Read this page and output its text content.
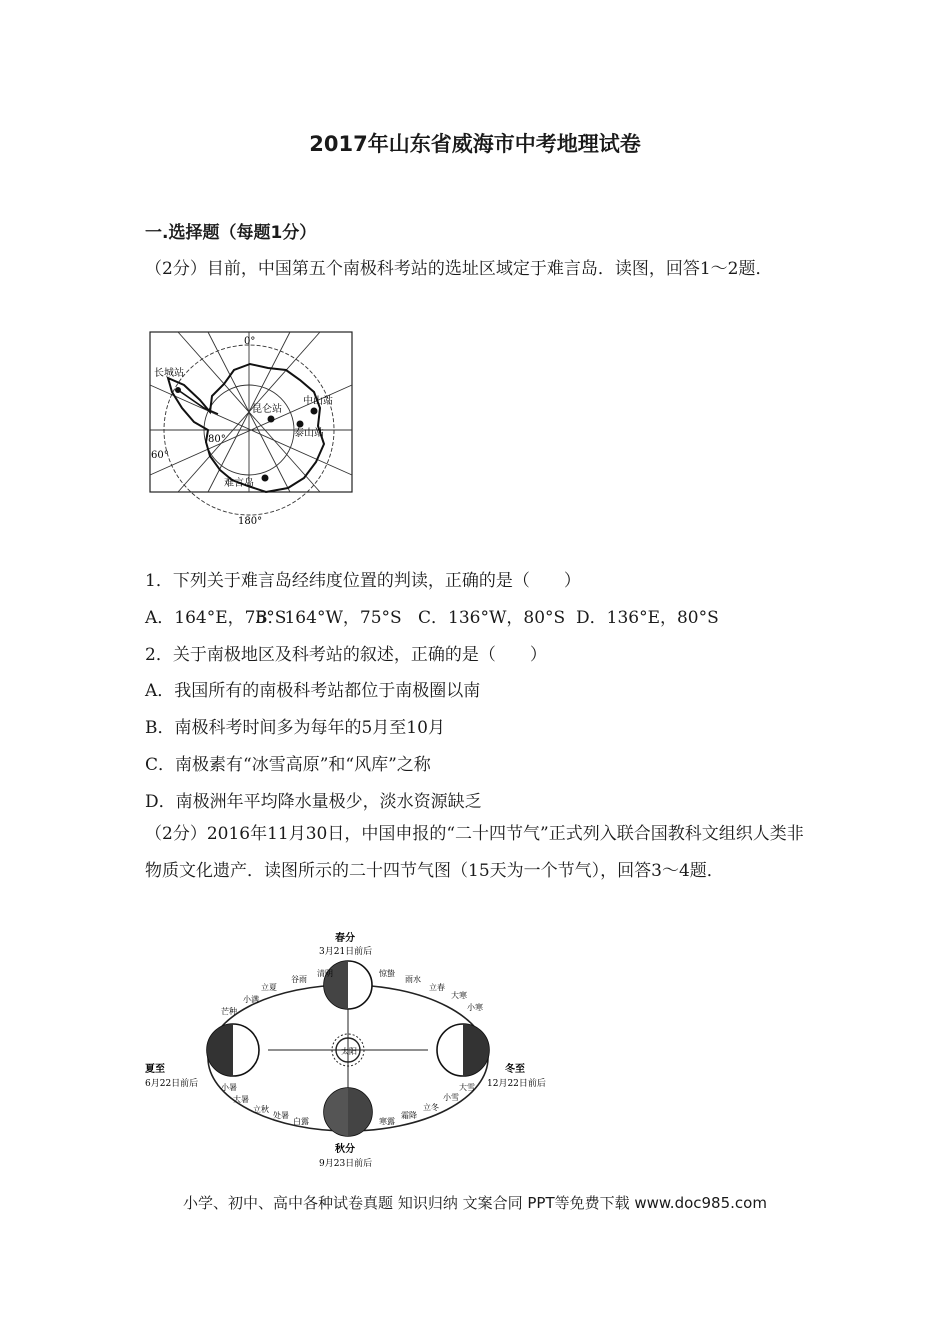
2017年山东省威海市中考地理试卷
一.选择题（每题1分）
（2分）目前，中国第五个南极科考站的选址区域定于难言岛．读图，回答1～2题．
0°
180°
80°
60°
长城站
昆仑站
中山站
泰山站
难言岛
1．下列关于难言岛经纬度位置的判读，正确的是（　　）
A．164°E，75°SB．164°W，75°S C．136°W，80°S D．136°E，80°S
2．关于南极地区及科考站的叙述，正确的是（　　）
A．我国所有的南极科考站都位于南极圈以南
B．南极科考时间多为每年的5月至10月
C．南极素有“冰雪高原”和“风库”之称
D．南极洲年平均降水量极少，淡水资源缺乏
（2分）2016年11月30日，中国申报的“二十四节气”正式列入联合国教科文组织人类非物质文化遗产．读图所示的二十四节气图（15天为一个节气），回答3～4题．
太阳
春分
3月21日前后
夏至
6月22日前后
秋分
9月23日前后
冬至
12月22日前后
谷雨
清明
立夏
小满
芒种
惊蛰
雨水
立春
大寒
小寒
小暑
大暑
立秋
处暑
白露	寒露
霜降
立冬
小雪
大雪
小学、初中、高中各种试卷真题 知识归纳 文案合同 PPT等免费下载 www.doc985.com
